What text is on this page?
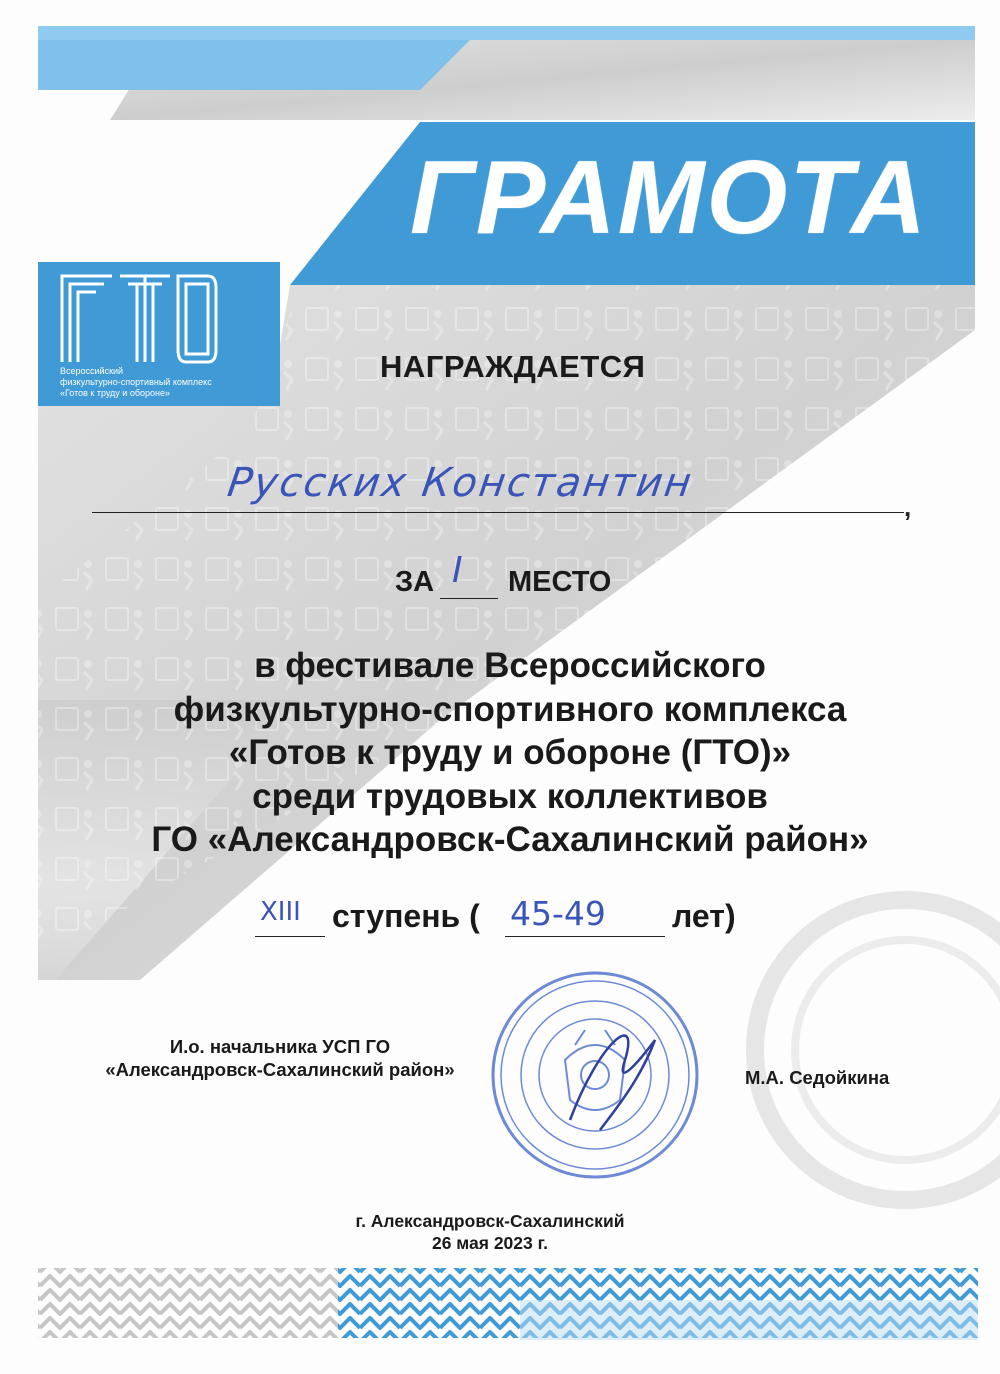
ГРАМОТА
Всероссийский
физкультурно-спортивный комплекс
«Готов к труду и обороне»
НАГРАЖДАЕТСЯ
Русских Константин
,
ЗА I МЕСТО
в фестивале Всероссийского
физкультурно-спортивного комплекса
«Готов к труду и обороне (ГТО)»
среди трудовых коллективов
ГО «Александровск-Сахалинский район»
XIII ступень ( 45-49 лет)
И.о. начальника УСП ГО
«Александровск-Сахалинский район»	М.А. Седойкина
г. Александровск-Сахалинский
26 мая 2023 г.
